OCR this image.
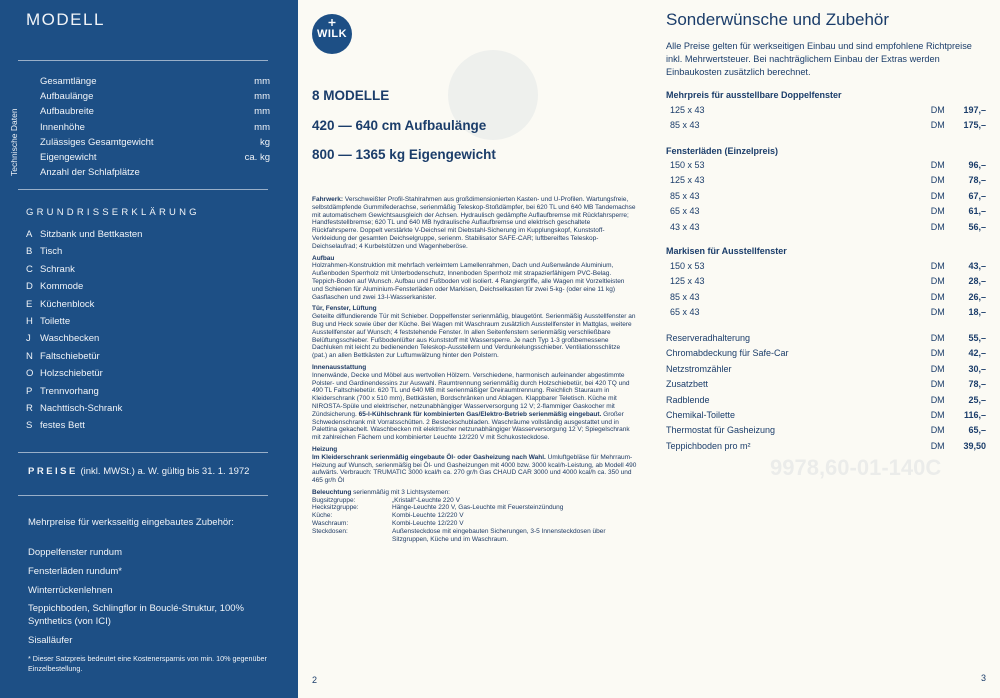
MODELL
Technische Daten
Gesamtlänge	mm
Aufbaulänge	mm
Aufbaubreite	mm
Innenhöhe	mm
Zulässiges Gesamtgewicht	kg
Eigengewicht	ca. kg
Anzahl der Schlafplätze
GRUNDRISSERKLÄRUNG
A Sitzbank und Bettkasten
B Tisch
C Schrank
D Kommode
E Küchenblock
H Toilette
J Waschbecken
N Faltschiebetür
O Holzschiebetür
P Trennvorhang
R Nachttisch-Schrank
S festes Bett
PREISE (inkl. MWSt.) a. W. gültig bis 31. 1. 1972
Mehrpreise für werksseitig eingebautes Zubehör:
Doppelfenster rundum
Fensterläden rundum*
Winterrückenlehnen
Teppichboden, Schlingflor in Bouclé-Struktur, 100% Synthetics (von ICI)
Sisalläufer
* Dieser Satzpreis bedeutet eine Kostenersparnis von min. 10% gegenüber Einzelbestellung.
WILK
8 MODELLE
420 — 640 cm Aufbaulänge
800 — 1365 kg Eigengewicht

Fahrwerk: Verschweißter Profil-Stahlrahmen aus großdimensionierten Kasten- und U-Profilen. Wartungsfreie, selbstdämpfende Gummifederachse, serienmäßig Teleskop-Stoßdämpfer, bei 620 TL und 640 MB Tandemachse mit automatischem Gewichtsausgleich der Achsen. Hydraulisch gedämpfte Auflaufbremse mit Rückfahrsperre; Handfeststellbremse; 620 TL und 640 MB hydraulische Auflaufbremse und elektrisch geschaltete Rückfahrsperre. Doppelt verstärkte V-Deichsel mit Diebstahl-Sicherung im Kupplungskopf, Kunststoff-Verkleidung der gesamten Deichselgruppe, serienm. Stabilisator SAFE-CAR; luftbereiftes Teleskop-Deichselaufrad; 4 Kurbelstützen und Wagenheberöse.

Aufbau

Holzrahmen-Konstruktion mit mehrfach verleimtem Lamellenrahmen, Dach und Außenwände Aluminium, Außenboden Sperrholz mit Unterbodenschutz, Innenboden Sperrholz mit strapazierfähigem PVC-Belag. Teppich-Boden auf Wunsch. Aufbau und Fußboden voll isoliert. 4 Rangiergriffe, alle Wagen mit Vorzeltleisten und Schienen für Aluminium-Fensterläden oder Markisen, Deichselkasten für zwei 5-kg- (oder eine 11 kg) Gasflaschen und zwei 13-l-Wasserkanister.

Tür, Fenster, Lüftung

Geteilte diffundierende Tür mit Schieber. Doppelfenster serienmäßig, blaugetönt. Serienmäßig Ausstellfenster an Bug und Heck sowie über der Küche. Bei Wagen mit Waschraum zusätzlich Ausstellfenster in Mattglas, weitere Ausstellfenster auf Wunsch; 4 feststehende Fenster. In allen Seitenfenstern serienmäßig verschließbare Belüftungsschieber. Fußbodenlüfter aus Kunststoff mit Wassersperre. Je nach Typ 1-3 großbemessene Dachluken mit leicht zu bedienenden Teleskop-Ausstellern und Verdunkelungsschieber. Ventilationsschlitze (pat.) an allen Bettkästen zur Luftumwälzung hinter den Polstern.

Innenausstattung

Innenwände, Decke und Möbel aus wertvollen Hölzern. Verschiedene, harmonisch aufeinander abgestimmte Polster- und Gardinendessins zur Auswahl. Raumtrennung serienmäßig durch Holzschiebetür, bei 420 TQ und 490 TL Faltschiebetür. 620 TL und 640 MB mit serienmäßiger Dreiraumtrennung. Reichlich Stauraum in Kleiderschrank (700 x 510 mm), Bettkästen, Bordschränken und Ablagen. Klappbarer Teletisch. Küche mit NIROSTA-Spüle und elektrischer, netzunabhängiger Wasserversorgung 12 V; 2-flammiger Gaskocher mit Zündsicherung. 65-l-Kühlschrank für kombinierten Gas/Elektro-Betrieb serienmäßig eingebaut. Großer Schwedenschrank mit Vorratsschütten. 2 Besteckschubladen. Waschräume vollständig ausgestattet und in Palettina gekachelt. Waschbecken mit elektrischer netzunabhängiger Wasserversorgung 12 V; Spiegelschrank mit zahlreichen Fächern und kombinierter Leuchte 12/220 V mit Schukosteckdose.

Heizung

Im Kleiderschrank serienmäßig eingebaute Öl- oder Gasheizung nach Wahl. Umluftgebläse für Mehrraum-Heizung auf Wunsch, serienmäßig bei Öl- und Gasheizungen mit 4000 bzw. 3000 kcal/h-Leistung, ab Modell 490 aufwärts. Verbrauch: TRUMATIC 3000 kcal/h ca. 270 gr/h Gas CHAUD CAR 3000 und 4000 kcal/h ca. 350 und 465 gr/h Öl

Beleuchtung serienmäßig mit 3 Lichtsystemen:

Bugsitzgruppe:	„Kristall“-Leuchte 220 V
Hecksitzgruppe:	Hänge-Leuchte 220 V, Gas-Leuchte mit Feuersteinzündung
Küche:	Kombi-Leuchte 12/220 V
Waschraum:	Kombi-Leuchte 12/220 V
Steckdosen:	Außensteckdose mit eingebauten Sicherungen, 3-5 Innensteckdosen über Sitzgruppen, Küche und im Waschraum.
2
9978,60-01-140C
Sonderwünsche und Zubehör
Alle Preise gelten für werkseitigen Einbau und sind empfohlene Richtpreise inkl. Mehrwertsteuer. Bei nachträglichem Einbau der Extras werden Einbaukosten zusätzlich berechnet.
Mehrpreis für ausstellbare Doppelfenster
125 x 43	DM	197,–
85 x 43	DM	175,–
Fensterläden (Einzelpreis)
150 x 53	DM	96,–
125 x 43	DM	78,–
85 x 43	DM	67,–
65 x 43	DM	61,–
43 x 43	DM	56,–
Markisen für Ausstellfenster
150 x 53	DM	43,–
125 x 43	DM	28,–
85 x 43	DM	26,–
65 x 43	DM	18,–
Reserveradhalterung	DM	55,–
Chromabdeckung für Safe-Car	DM	42,–
Netzstromzähler	DM	30,–
Zusatzbett	DM	78,–
Radblende	DM	25,–
Chemikal-Toilette	DM	116,–
Thermostat für Gasheizung	DM	65,–
Teppichboden pro m²	DM	39,50
3
